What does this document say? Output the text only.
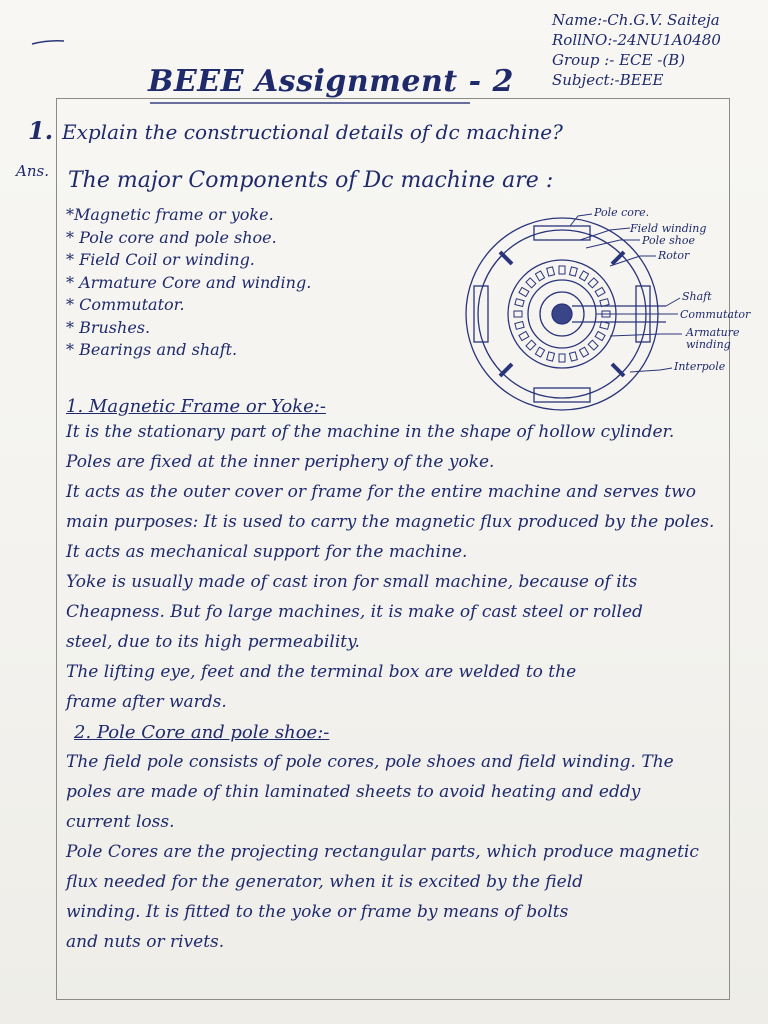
Name:-Ch.G.V. Saiteja
RollNO:-24NU1A0480
Group :- ECE -(B)
Subject:-BEEE
BEEE Assignment - 2
1. Explain the constructional details of dc machine?
Ans. The major Components of Dc machine are :
*Magnetic frame or yoke.
* Pole core and pole shoe.
* Field Coil or winding.
* Armature Core and winding.
* Commutator.
* Brushes.
* Bearings and shaft.
Pole core.
Field winding
Pole shoe
Rotor
Shaft
Commutator
Armature
winding
Interpole
1. Magnetic Frame or Yoke:-
It is the stationary part of the machine in the shape of hollow cylinder.
Poles are fixed at the inner periphery of the yoke.
It acts as the outer cover or frame for the entire machine and serves two
main purposes: It is used to carry the magnetic flux produced by the poles.
It acts as mechanical support for the machine.
Yoke is usually made of cast iron for small machine, because of its
Cheapness. But fo large machines, it is make of cast steel or rolled
steel, due to its high permeability.
The lifting eye, feet and the terminal box are welded to the
frame after wards.
2. Pole Core and pole shoe:-
The field pole consists of pole cores, pole shoes and field winding. The
poles are made of thin laminated sheets to avoid heating and eddy
current loss.
Pole Cores are the projecting rectangular parts, which produce magnetic
flux needed for the generator, when it is excited by the field
winding. It is fitted to the yoke or frame by means of bolts
and nuts or rivets.
